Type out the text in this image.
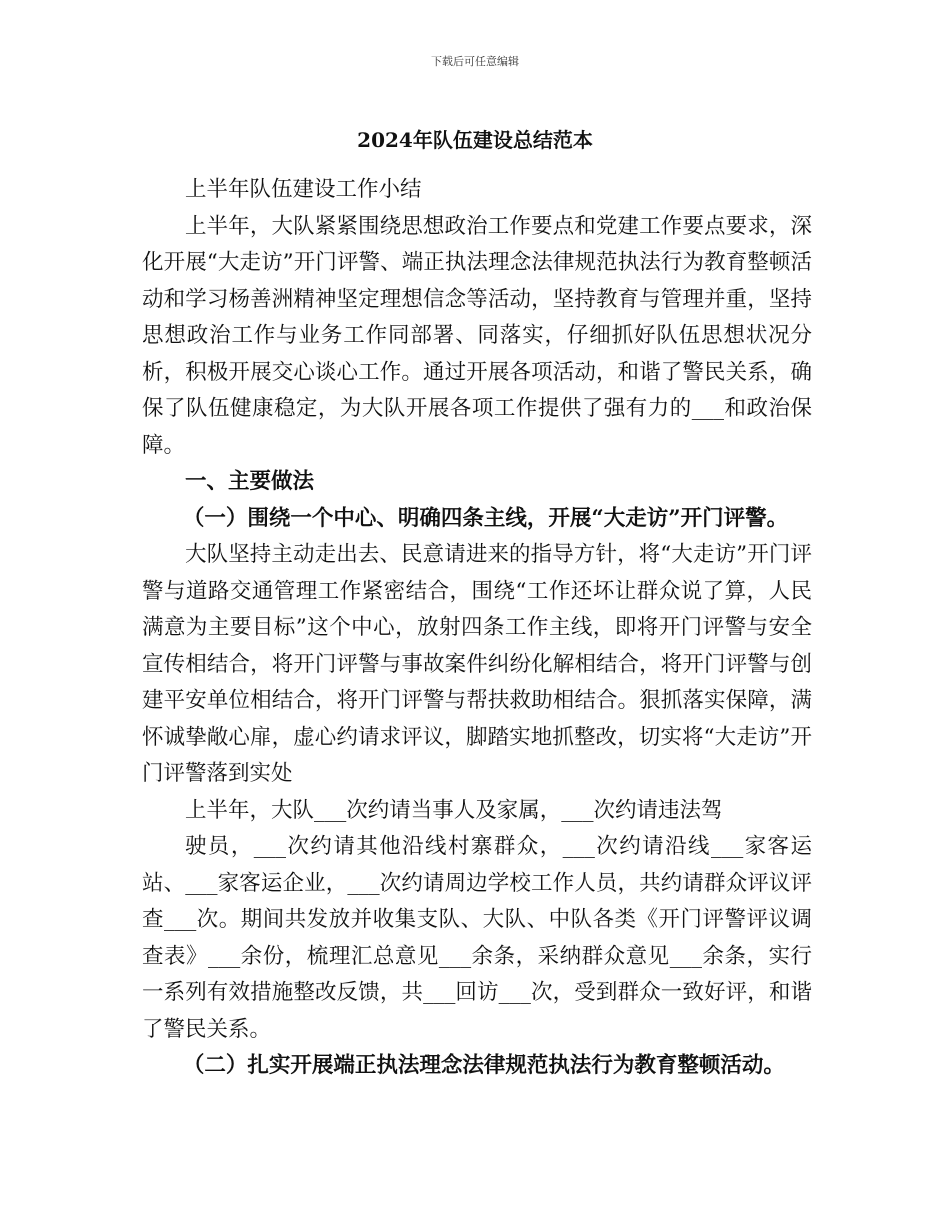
下载后可任意编辑
2024年队伍建设总结范本

上半年队伍建设工作小结

上半年，大队紧紧围绕思想政治工作要点和党建工作要点要求，深化开展“大走访”开门评警、端正执法理念法律规范执法行为教育整顿活动和学习杨善洲精神坚定理想信念等活动，坚持教育与管理并重，坚持思想政治工作与业务工作同部署、同落实，仔细抓好队伍思想状况分析，积极开展交心谈心工作。通过开展各项活动，和谐了警民关系，确保了队伍健康稳定，为大队开展各项工作提供了强有力的___和政治保障。

一、主要做法

（一）围绕一个中心、明确四条主线，开展“大走访”开门评警。

大队坚持主动走出去、民意请进来的指导方针，将“大走访”开门评警与道路交通管理工作紧密结合，围绕“工作还坏让群众说了算，人民满意为主要目标”这个中心，放射四条工作主线，即将开门评警与安全宣传相结合，将开门评警与事故案件纠纷化解相结合，将开门评警与创建平安单位相结合，将开门评警与帮扶救助相结合。狠抓落实保障，满怀诚挚敞心扉，虚心约请求评议，脚踏实地抓整改，切实将“大走访”开门评警落到实处

上半年，大队___次约请当事人及家属，___次约请违法驾

驶员，___次约请其他沿线村寨群众，___次约请沿线___家客运站、___家客运企业，___次约请周边学校工作人员，共约请群众评议评查___次。期间共发放并收集支队、大队、中队各类《开门评警评议调查表》___余份，梳理汇总意见___余条，采纳群众意见___余条，实行一系列有效措施整改反馈，共___回访___次，受到群众一致好评，和谐了警民关系。

（二）扎实开展端正执法理念法律规范执法行为教育整顿活动。
